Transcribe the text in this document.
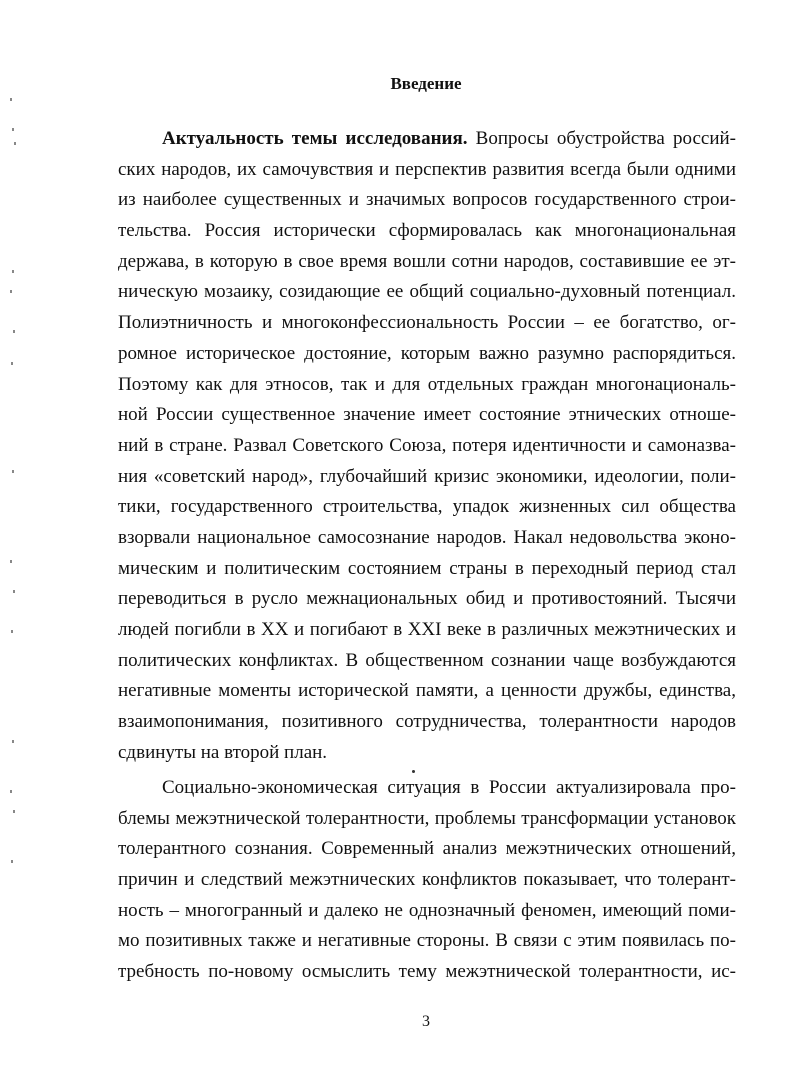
Введение
Актуальность темы исследования. Вопросы обустройства россий-
ских народов, их самочувствия и перспектив развития всегда были одними
из наиболее существенных и значимых вопросов государственного строи-
тельства. Россия исторически сформировалась как многонациональная
держава, в которую в свое время вошли сотни народов, составившие ее эт-
ническую мозаику, созидающие ее общий социально-духовный потенциал.
Полиэтничность и многоконфессиональность России – ее богатство, ог-
ромное историческое достояние, которым важно разумно распорядиться.
Поэтому как для этносов, так и для отдельных граждан многонациональ-
ной России существенное значение имеет состояние этнических отноше-
ний в стране. Развал Советского Союза, потеря идентичности и самоназва-
ния «советский народ», глубочайший кризис экономики, идеологии, поли-
тики, государственного строительства, упадок жизненных сил общества
взорвали национальное самосознание народов. Накал недовольства эконо-
мическим и политическим состоянием страны в переходный период стал
переводиться в русло межнациональных обид и противостояний. Тысячи
людей погибли в XX и погибают в XXI веке в различных межэтнических и
политических конфликтах. В общественном сознании чаще возбуждаются
негативные моменты исторической памяти, а ценности дружбы, единства,
взаимопонимания, позитивного сотрудничества, толерантности народов
сдвинуты на второй план.
Социально-экономическая ситуация в России актуализировала про-
блемы межэтнической толерантности, проблемы трансформации установок
толерантного сознания. Современный анализ межэтнических отношений,
причин и следствий межэтнических конфликтов показывает, что толерант-
ность – многогранный и далеко не однозначный феномен, имеющий поми-
мо позитивных также и негативные стороны. В связи с этим появилась по-
требность по-новому осмыслить тему межэтнической толерантности, ис-
3
